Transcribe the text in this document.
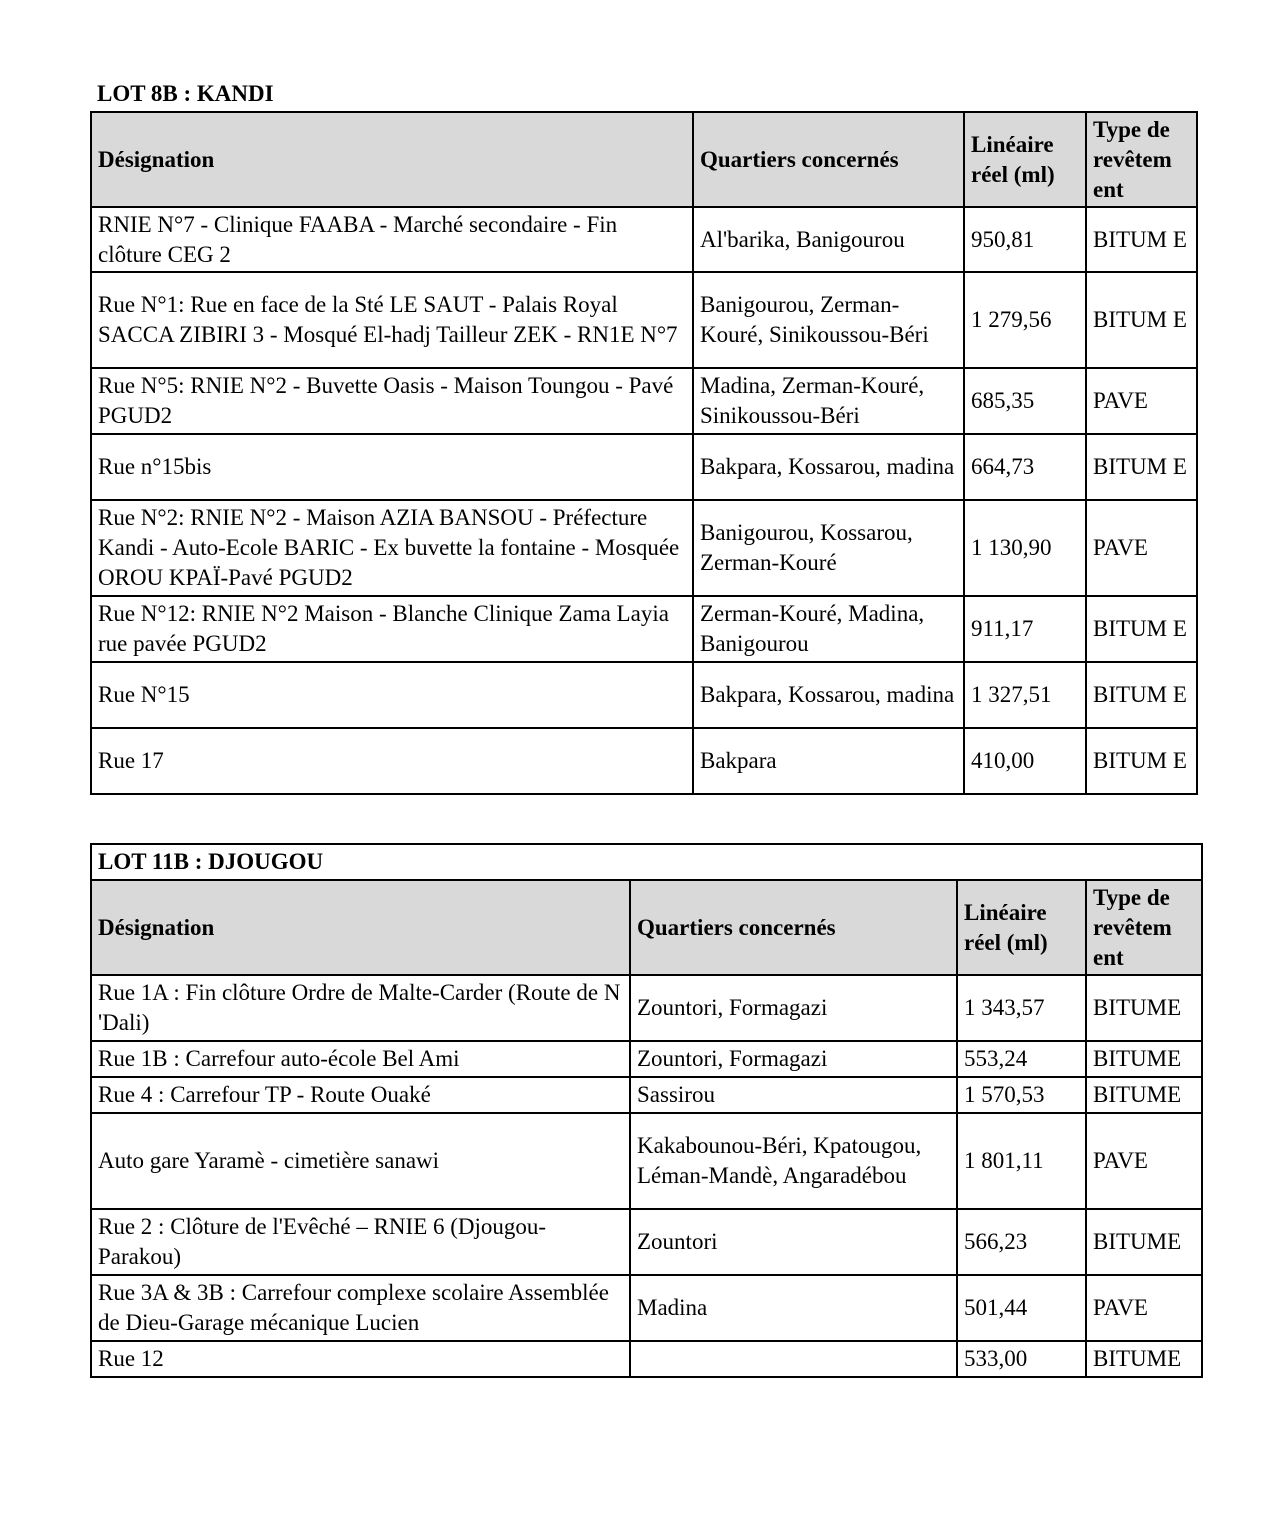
LOT 8B : KANDI
Désignation	Quartiers concernés	Linéaire réel (ml)	Type de revêtem ent
RNIE N°7 - Clinique FAABA - Marché secondaire - Fin clôture CEG 2	Al'barika, Banigourou	950,81	BITUM E
Rue N°1: Rue en face de la Sté LE SAUT - Palais Royal SACCA ZIBIRI 3 - Mosqué El-hadj Tailleur ZEK - RN1E N°7	Banigourou, Zerman-Kouré, Sinikoussou-Béri	1 279,56	BITUM E
Rue N°5: RNIE N°2 - Buvette Oasis - Maison Toungou - Pavé PGUD2	Madina, Zerman-Kouré, Sinikoussou-Béri	685,35	PAVE
Rue n°15bis	Bakpara, Kossarou, madina	664,73	BITUM E
Rue N°2: RNIE N°2 - Maison AZIA BANSOU - Préfecture Kandi - Auto-Ecole BARIC - Ex buvette la fontaine - Mosquée OROU KPAÏ-Pavé PGUD2	Banigourou, Kossarou, Zerman-Kouré	1 130,90	PAVE
Rue N°12: RNIE N°2 Maison - Blanche Clinique Zama Layia rue pavée PGUD2	Zerman-Kouré, Madina, Banigourou	911,17	BITUM E
Rue N°15	Bakpara, Kossarou, madina	1 327,51	BITUM E
Rue 17	Bakpara	410,00	BITUM E
LOT 11B : DJOUGOU			
Désignation	Quartiers concernés	Linéaire réel (ml)	Type de revêtem ent
Rue 1A : Fin clôture Ordre de Malte-Carder (Route de N 'Dali)	Zountori, Formagazi	1 343,57	BITUME
Rue 1B : Carrefour auto-école Bel Ami	Zountori, Formagazi	553,24	BITUME
Rue 4 : Carrefour TP - Route Ouaké	Sassirou	1 570,53	BITUME
Auto gare Yaramè - cimetière sanawi	Kakabounou-Béri, Kpatougou, Léman-Mandè, Angaradébou	1 801,11	PAVE
Rue 2 : Clôture de l'Evêché – RNIE 6 (Djougou-Parakou)	Zountori	566,23	BITUME
Rue 3A & 3B : Carrefour complexe scolaire Assemblée de Dieu-Garage mécanique Lucien	Madina	501,44	PAVE
Rue 12		533,00	BITUME
